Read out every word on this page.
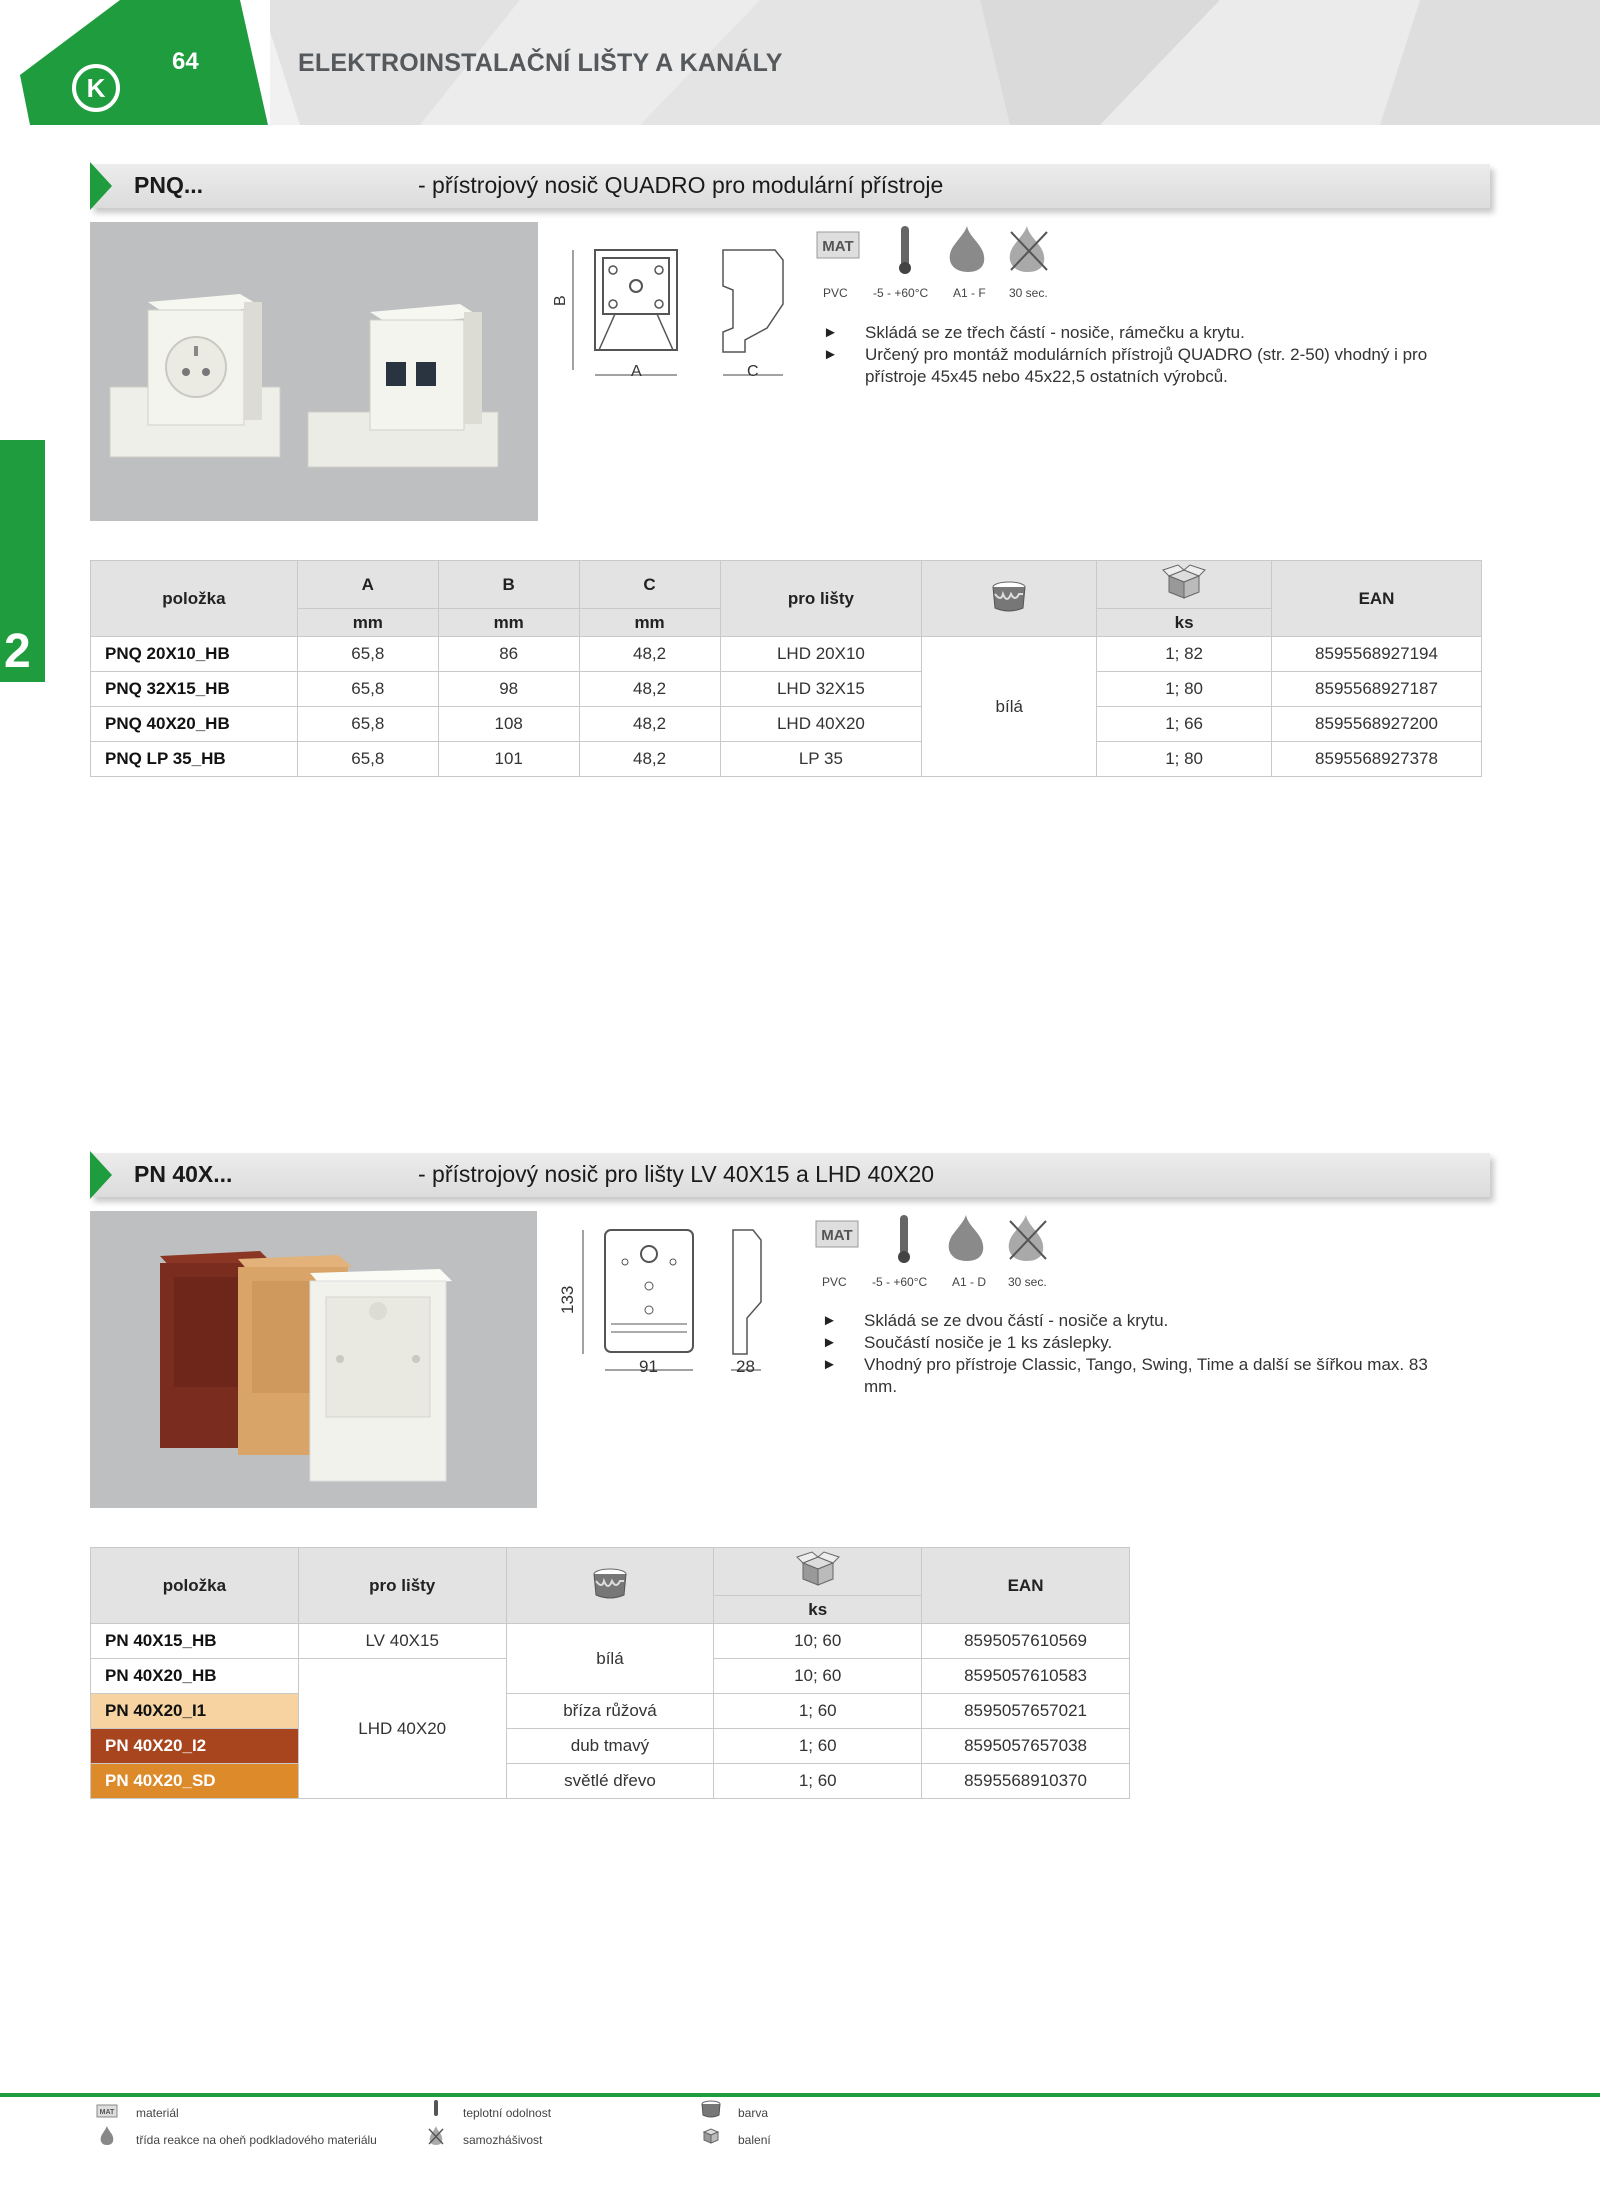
64	ELEKTROINSTALAČNÍ LIŠTY A KANÁLY
K
2
PNQ...	- přístrojový nosič QUADRO pro modulární přístroje
A
B
C
MAT
PVC -5 - +60°C A1 - F 30 sec.
► Skládá se ze třech částí - nosiče, rámečku a krytu.
► Určený pro montáž modulárních přístrojů QUADRO (str. 2-50) vhodný i pro přístroje 45x45 nebo 45x22,5 ostatních výrobců.
položka	A	B	C	pro lišty			EAN
	mm	mm	mm			ks	
PNQ 20X10_HB	65,8	86	48,2	LHD 20X10	bílá	1; 82	8595568927194
PNQ 32X15_HB	65,8	98	48,2	LHD 32X15		1; 80	8595568927187
PNQ 40X20_HB	65,8	108	48,2	LHD 40X20		1; 66	8595568927200
PNQ LP 35_HB	65,8	101	48,2	LP 35		1; 80	8595568927378
PN 40X...	- přístrojový nosič pro lišty LV 40X15 a LHD 40X20
91
133
28
MAT
PVC -5 - +60°C A1 - D 30 sec.
► Skládá se ze dvou částí - nosiče a krytu.
► Součástí nosiče je 1 ks záslepky.
► Vhodný pro přístroje Classic, Tango, Swing, Time a další se šířkou max. 83 mm.
položka	pro lišty			EAN
			ks	
PN 40X15_HB	LV 40X15	bílá	10; 60	8595057610569
PN 40X20_HB	LHD 40X20		10; 60	8595057610583
PN 40X20_I1		bříza růžová	1; 60	8595057657021
PN 40X20_I2		dub tmavý	1; 60	8595057657038
PN 40X20_SD		světlé dřevo	1; 60	8595568910370
MAT materiál
třída reakce na oheň podkladového materiálu
teplotní odolnost
samozhášivost
barva
balení
